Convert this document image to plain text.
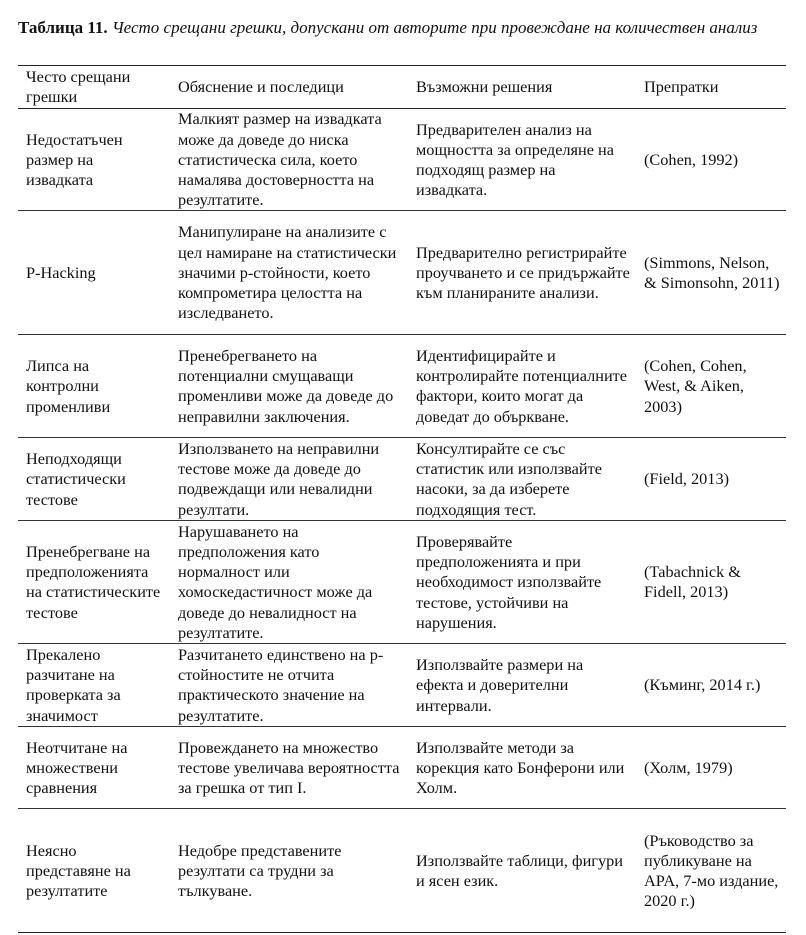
Таблица 11. Често срещани грешки, допускани от авторите при провеждане на количествен анализ
Често срещани грешки	Обяснение и последици	Възможни решения	Препратки
Недостатъчен размер на извадката	Малкият размер на извадката може да доведе до ниска статистическа сила, което намалява достоверността на резултатите.	Предварителен анализ на мощността за определяне на подходящ размер на извадката.	(Cohen, 1992)
P-Hacking	Манипулиране на анализите с цел намиране на статистически значими p-стойности, което компрометира целостта на изследването.	Предварително регистрирайте проучването и се придържайте към планираните анализи.	(Simmons, Nelson, & Simonsohn, 2011)
Липса на контролни променливи	Пренебрегването на потенциални смущаващи променливи може да доведе до неправилни заключения.	Идентифицирайте и контролирайте потенциалните фактори, които могат да доведат до объркване.	(Cohen, Cohen, West, & Aiken, 2003)
Неподходящи статистически тестове	Използването на неправилни тестове може да доведе до подвеждащи или невалидни резултати.	Консултирайте се със статистик или използвайте насоки, за да изберете подходящия тест.	(Field, 2013)
Пренебрегване на предположенията на статистическите тестове	Нарушаването на предположения като нормалност или хомоскедастичност може да доведе до невалидност на резултатите.	Проверявайте предположенията и при необходимост използвайте тестове, устойчиви на нарушения.	(Tabachnick & Fidell, 2013)
Прекалено разчитане на проверката за значимост	Разчитането единствено на p-стойностите не отчита практическото значение на резултатите.	Използвайте размери на ефекта и доверителни интервали.	(Къминг, 2014 г.)
Неотчитане на множествени сравнения	Провеждането на множество тестове увеличава вероятността за грешка от тип I.	Използвайте методи за корекция като Бонферони или Холм.	(Холм, 1979)
Неясно представяне на резултатите	Недобре представените резултати са трудни за тълкуване.	Използвайте таблици, фигури и ясен език.	(Ръководство за публикуване на APA, 7-мо издание, 2020 г.)
